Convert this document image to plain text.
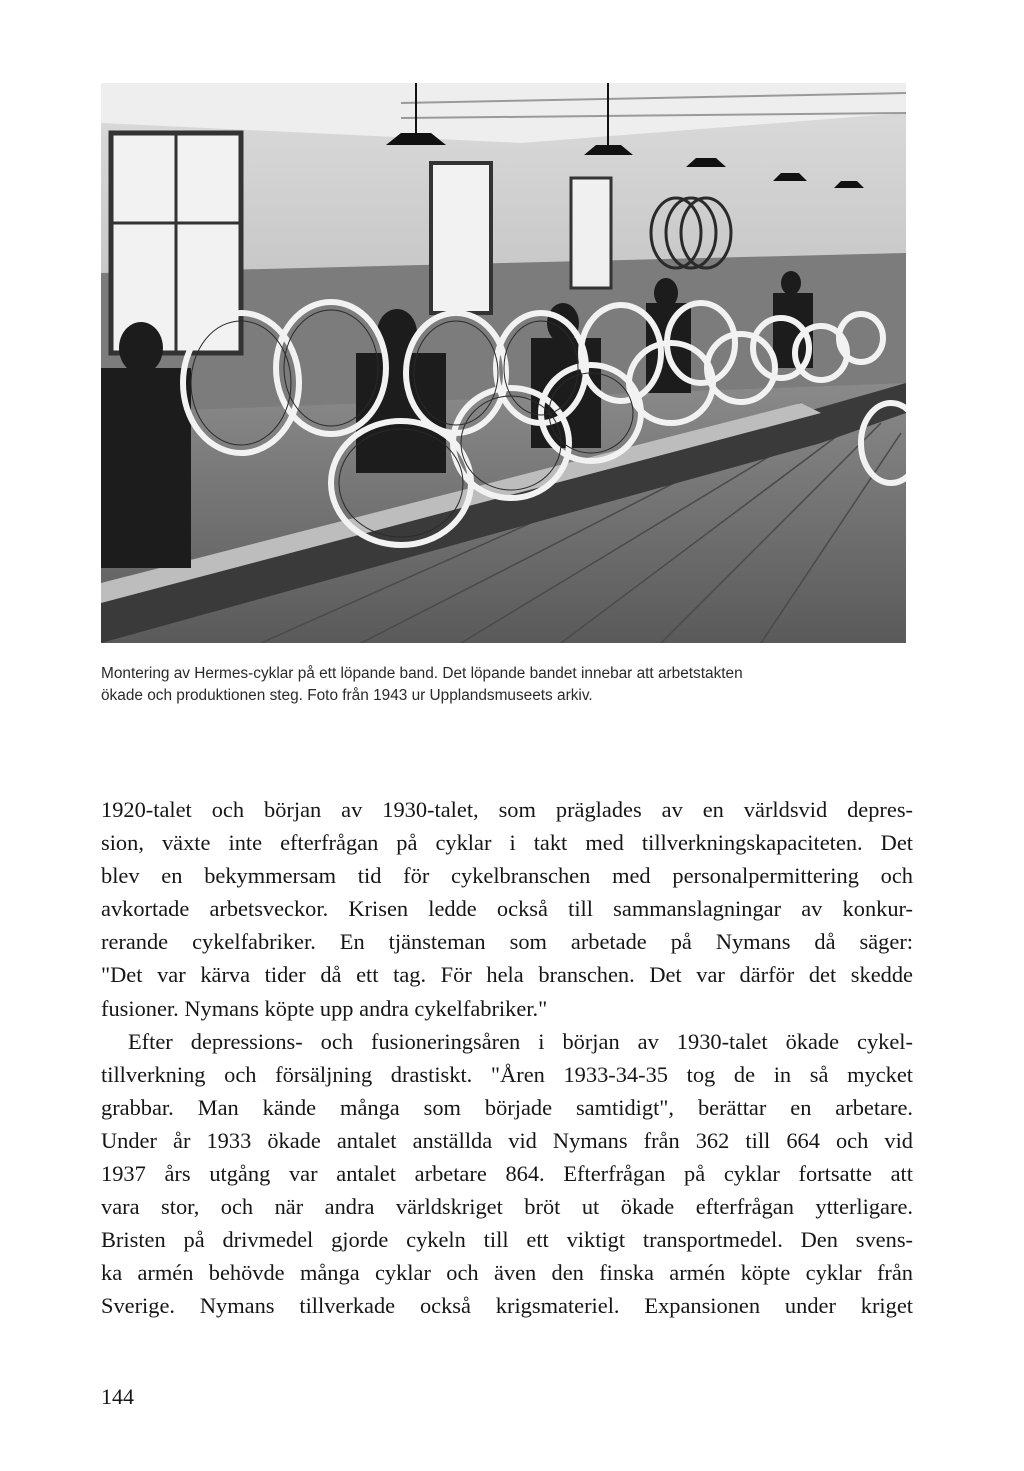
Montering av Hermes-cyklar på ett löpande band. Det löpande bandet innebar att arbetstakten
ökade och produktionen steg. Foto från 1943 ur Upplandsmuseets arkiv.

1920-talet och början av 1930-talet, som präglades av en världsvid depres-
sion, växte inte efterfrågan på cyklar i takt med tillverkningskapaciteten. Det
blev en bekymmersam tid för cykelbranschen med personalpermittering och
avkortade arbetsveckor. Krisen ledde också till sammanslagningar av konkur-
rerande cykelfabriker. En tjänsteman som arbetade på Nymans då säger:
"Det var kärva tider då ett tag. För hela branschen. Det var därför det skedde
fusioner. Nymans köpte upp andra cykelfabriker."
Efter depressions- och fusioneringsåren i början av 1930-talet ökade cykel-
tillverkning och försäljning drastiskt. "Åren 1933-34-35 tog de in så mycket
grabbar. Man kände många som började samtidigt", berättar en arbetare.
Under år 1933 ökade antalet anställda vid Nymans från 362 till 664 och vid
1937 års utgång var antalet arbetare 864. Efterfrågan på cyklar fortsatte att
vara stor, och när andra världskriget bröt ut ökade efterfrågan ytterligare.
Bristen på drivmedel gjorde cykeln till ett viktigt transportmedel. Den svens-
ka armén behövde många cyklar och även den finska armén köpte cyklar från
Sverige. Nymans tillverkade också krigsmateriel. Expansionen under kriget
144
